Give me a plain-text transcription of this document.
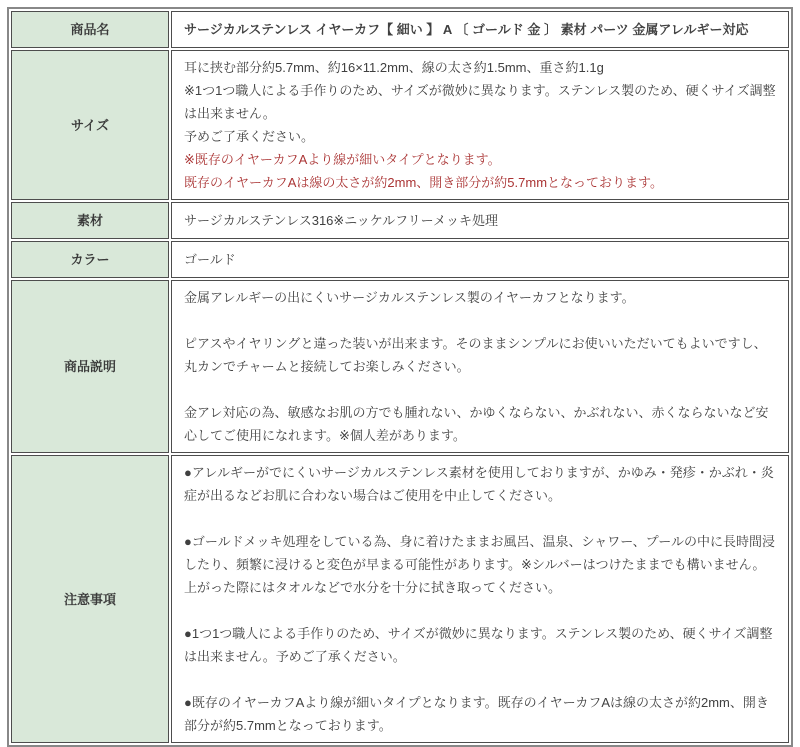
商品名	サージカルステンレス イヤーカフ【 細い 】 A 〔 ゴールド 金 〕 素材 パーツ 金属アレルギー対応

サイズ	耳に挟む部分約5.7mm、約16×11.2mm、線の太さ約1.5mm、重さ約1.1g

※1つ1つ職人による手作りのため、サイズが微妙に異なります。ステンレス製のため、硬くサイズ調整は出来ません。

予めご了承ください。

※既存のイヤーカフAより線が細いタイプとなります。

既存のイヤーカフAは線の太さが約2mm、開き部分が約5.7mmとなっております。

素材	サージカルステンレス316※ニッケルフリーメッキ処理

カラー	ゴールド

商品説明	金属アレルギーの出にくいサージカルステンレス製のイヤーカフとなります。

ピアスやイヤリングと違った装いが出来ます。そのままシンプルにお使いいただいてもよいですし、丸カンでチャームと接続してお楽しみください。

金アレ対応の為、敏感なお肌の方でも腫れない、かゆくならない、かぶれない、赤くならないなど安心してご使用になれます。※個人差があります。

注意事項	●アレルギーがでにくいサージカルステンレス素材を使用しておりますが、かゆみ・発疹・かぶれ・炎症が出るなどお肌に合わない場合はご使用を中止してください。

●ゴールドメッキ処理をしている為、身に着けたままお風呂、温泉、シャワー、プールの中に長時間浸したり、頻繁に浸けると変色が早まる可能性があります。※シルバーはつけたままでも構いません。上がった際にはタオルなどで水分を十分に拭き取ってください。

●1つ1つ職人による手作りのため、サイズが微妙に異なります。ステンレス製のため、硬くサイズ調整は出来ません。予めご了承ください。

●既存のイヤーカフAより線が細いタイプとなります。既存のイヤーカフAは線の太さが約2mm、開き部分が約5.7mmとなっております。
